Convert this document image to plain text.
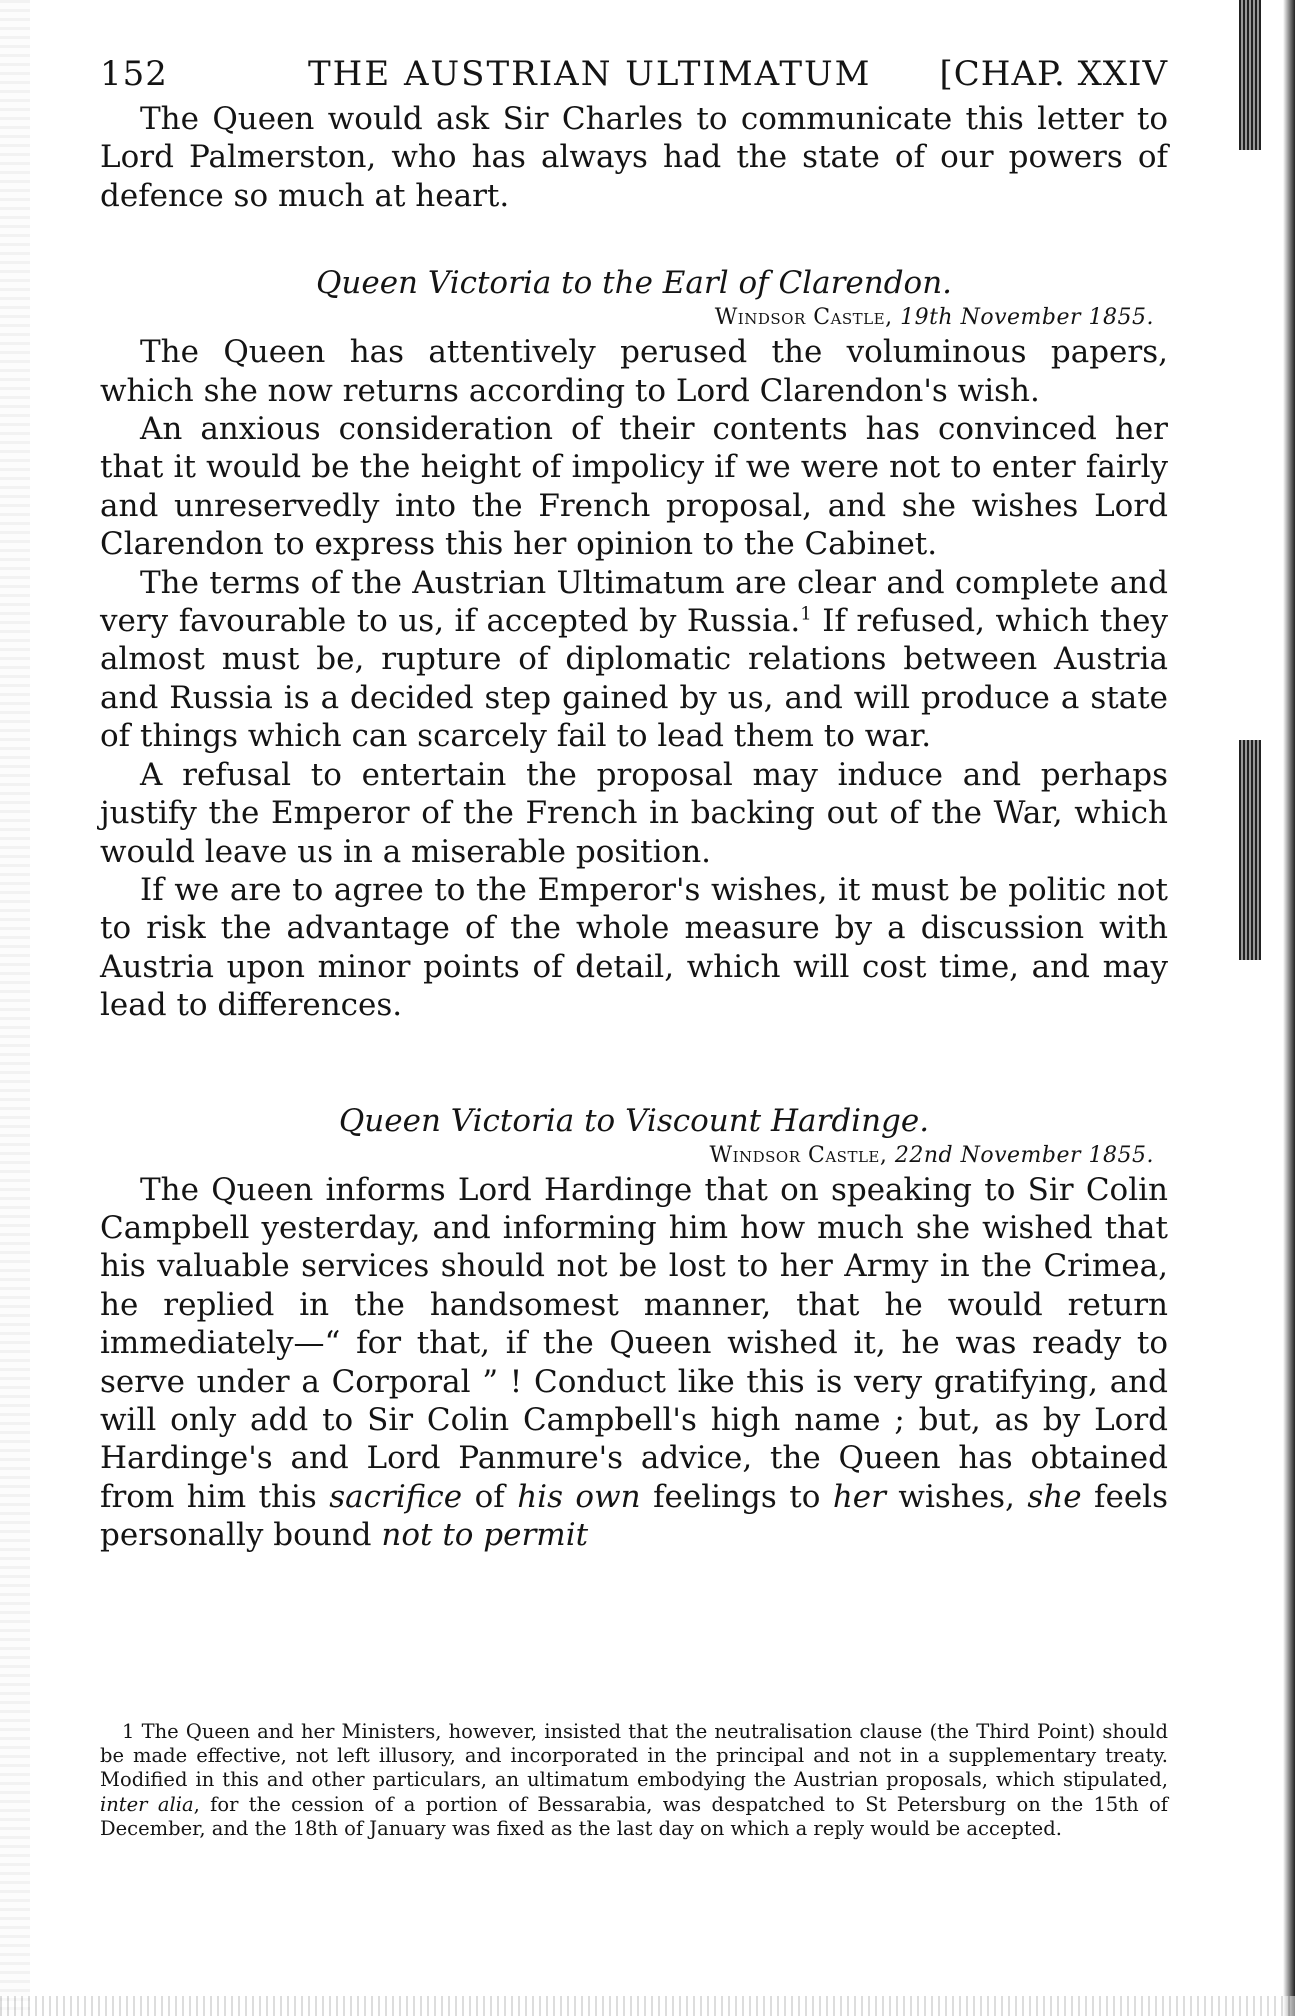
152	THE AUSTRIAN ULTIMATUM	[CHAP. XXIV

The Queen would ask Sir Charles to communicate this letter to Lord Palmerston, who has always had the state of our powers of defence so much at heart.

Queen Victoria to the Earl of Clarendon.
Windsor Castle, 19th November 1855.

The Queen has attentively perused the voluminous papers, which she now returns according to Lord Clarendon's wish.

An anxious consideration of their contents has convinced her that it would be the height of impolicy if we were not to enter fairly and unreservedly into the French proposal, and she wishes Lord Clarendon to express this her opinion to the Cabinet.

The terms of the Austrian Ultimatum are clear and complete and very favourable to us, if accepted by Russia.$^1$ If refused, which they almost must be, rupture of diplomatic relations between Austria and Russia is a decided step gained by us, and will produce a state of things which can scarcely fail to lead them to war.

A refusal to entertain the proposal may induce and perhaps justify the Emperor of the French in backing out of the War, which would leave us in a miserable position.

If we are to agree to the Emperor's wishes, it must be politic not to risk the advantage of the whole measure by a discussion with Austria upon minor points of detail, which will cost time, and may lead to differences.

Queen Victoria to Viscount Hardinge.
Windsor Castle, 22nd November 1855.

The Queen informs Lord Hardinge that on speaking to Sir Colin Campbell yesterday, and informing him how much she wished that his valuable services should not be lost to her Army in the Crimea, he replied in the handsomest manner, that he would return immediately—“ for that, if the Queen wished it, he was ready to serve under a Corporal ” ! Conduct like this is very gratifying, and will only add to Sir Colin Campbell's high name ; but, as by Lord Hardinge's and Lord Panmure's advice, the Queen has obtained from him this sacrifice of his own feelings to her wishes, she feels personally bound not to permit

1 The Queen and her Ministers, however, insisted that the neutralisation clause (the Third Point) should be made effective, not left illusory, and incorporated in the principal and not in a supplementary treaty. Modified in this and other particulars, an ultimatum embodying the Austrian proposals, which stipulated, inter alia, for the cession of a portion of Bessarabia, was despatched to St Petersburg on the 15th of December, and the 18th of January was fixed as the last day on which a reply would be accepted.
